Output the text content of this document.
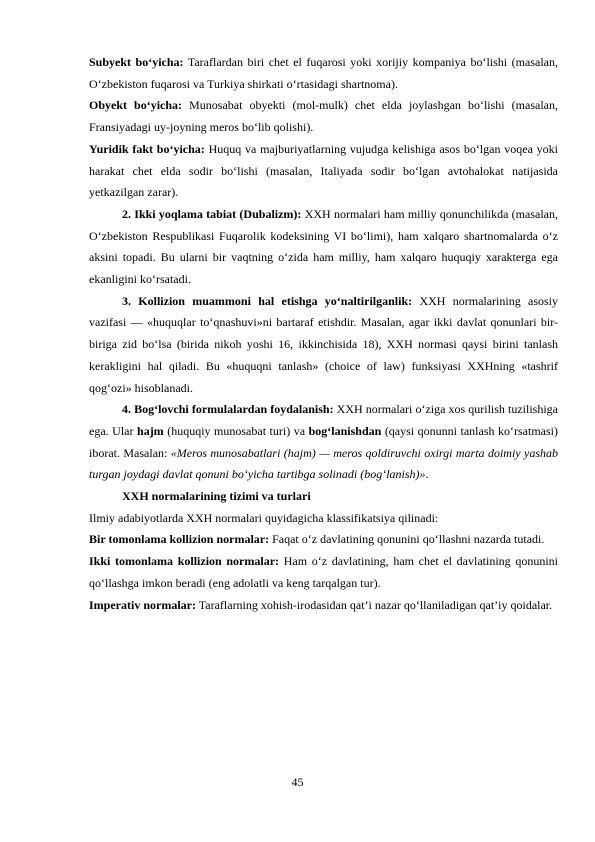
Subyekt bo‘yicha: Taraflardan biri chet el fuqarosi yoki xorijiy kompaniya bo‘lishi (masalan, O‘zbekiston fuqarosi va Turkiya shirkati o‘rtasidagi shartnoma).

Obyekt bo‘yicha: Munosabat obyekti (mol-mulk) chet elda joylashgan bo‘lishi (masalan, Fransiyadagi uy-joyning meros bo‘lib qolishi).

Yuridik fakt bo‘yicha: Huquq va majburiyatlarning vujudga kelishiga asos bo‘lgan voqea yoki harakat chet elda sodir bo‘lishi (masalan, Italiyada sodir bo‘lgan avtohalokat natijasida yetkazilgan zarar).

2. Ikki yoqlama tabiat (Dubalizm): XXH normalari ham milliy qonunchilikda (masalan, O‘zbekiston Respublikasi Fuqarolik kodeksining VI bo‘limi), ham xalqaro shartnomalarda o‘z aksini topadi. Bu ularni bir vaqtning o‘zida ham milliy, ham xalqaro huquqiy xarakterga ega ekanligini ko‘rsatadi.

3. Kollizion muammoni hal etishga yo‘naltirilganlik: XXH normalarining asosiy vazifasi — «huquqlar to‘qnashuvi»ni bartaraf etishdir. Masalan, agar ikki davlat qonunlari bir-biriga zid bo‘lsa (birida nikoh yoshi 16, ikkinchisida 18), XXH normasi qaysi birini tanlash kerakligini hal qiladi. Bu «huquqni tanlash» (choice of law) funksiyasi XXHning «tashrif qog‘ozi» hisoblanadi.

4. Bog‘lovchi formulalardan foydalanish: XXH normalari o‘ziga xos qurilish tuzilishiga ega. Ular hajm (huquqiy munosabat turi) va bog‘lanishdan (qaysi qonunni tanlash ko‘rsatmasi) iborat. Masalan: «Meros munosabatlari (hajm) — meros qoldiruvchi oxirgi marta doimiy yashab turgan joydagi davlat qonuni bo‘yicha tartibga solinadi (bog‘lanish)».

XXH normalarining tizimi va turlari

Ilmiy adabiyotlarda XXH normalari quyidagicha klassifikatsiya qilinadi:

Bir tomonlama kollizion normalar: Faqat o‘z davlatining qonunini qo‘llashni nazarda tutadi.

Ikki tomonlama kollizion normalar: Ham o‘z davlatining, ham chet el davlatining qonunini qo‘llashga imkon beradi (eng adolatli va keng tarqalgan tur).

Imperativ normalar: Taraflarning xohish-irodasidan qat’i nazar qo‘llaniladigan qat’iy qoidalar.

45
